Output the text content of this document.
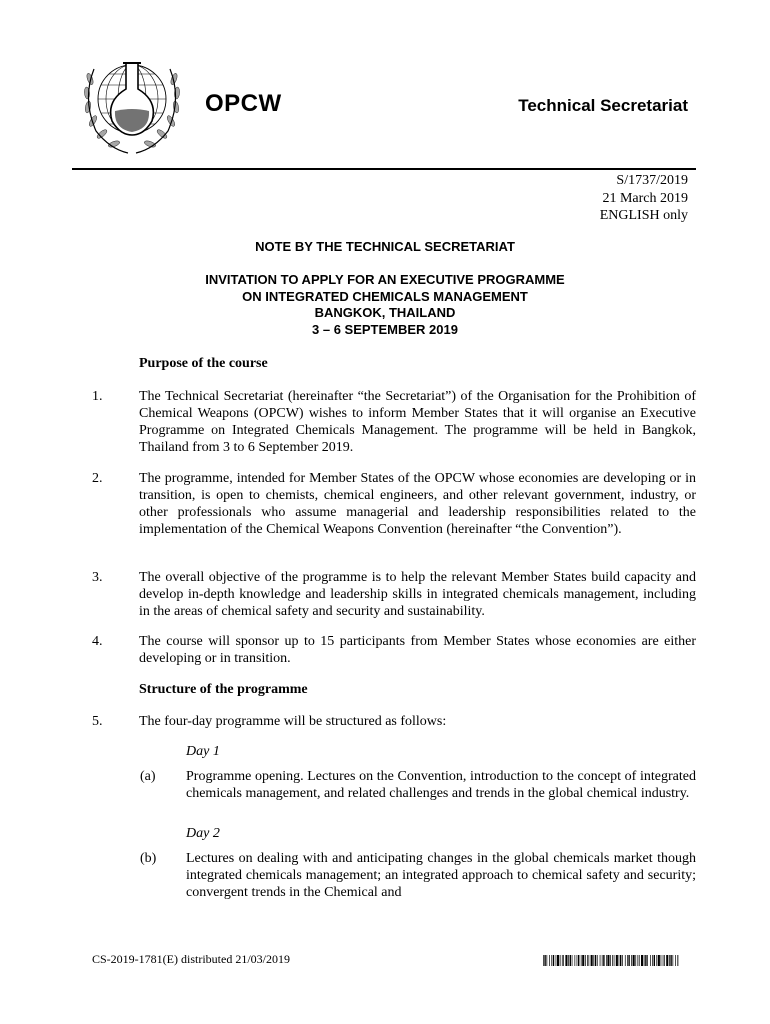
OPCW	Technical Secretariat
S/1737/2019
21 March 2019
ENGLISH only
NOTE BY THE TECHNICAL SECRETARIAT
INVITATION TO APPLY FOR AN EXECUTIVE PROGRAMME
ON INTEGRATED CHEMICALS MANAGEMENT
BANGKOK, THAILAND
3 – 6 SEPTEMBER 2019
Purpose of the course
1.	The Technical Secretariat (hereinafter “the Secretariat”) of the Organisation for the Prohibition of Chemical Weapons (OPCW) wishes to inform Member States that it will organise an Executive Programme on Integrated Chemicals Management. The programme will be held in Bangkok, Thailand from 3 to 6 September 2019.
2.	The programme, intended for Member States of the OPCW whose economies are developing or in transition, is open to chemists, chemical engineers, and other relevant government, industry, or other professionals who assume managerial and leadership responsibilities related to the implementation of the Chemical Weapons Convention (hereinafter “the Convention”).
3.	The overall objective of the programme is to help the relevant Member States build capacity and develop in-depth knowledge and leadership skills in integrated chemicals management, including in the areas of chemical safety and security and sustainability.
4.	The course will sponsor up to 15 participants from Member States whose economies are either developing or in transition.
Structure of the programme
5.	The four-day programme will be structured as follows:
Day 1
(a) Programme opening. Lectures on the Convention, introduction to the concept of integrated chemicals management, and related challenges and trends in the global chemical industry.
Day 2
(b) Lectures on dealing with and anticipating changes in the global chemicals market though integrated chemicals management; an integrated approach to chemical safety and security; convergent trends in the Chemical and
CS-2019-1781(E) distributed 21/03/2019
